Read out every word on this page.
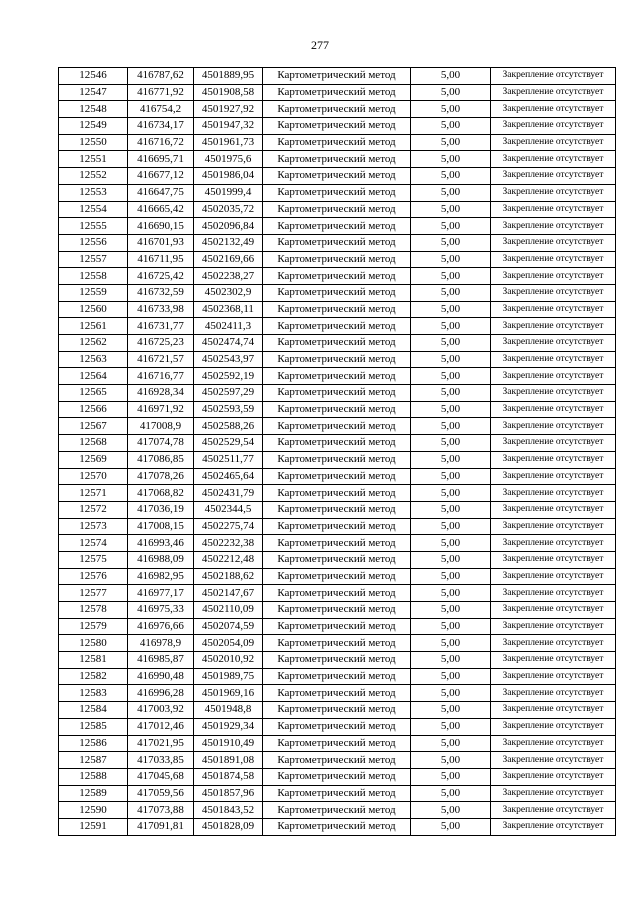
277
12546	416787,62	4501889,95	Картометрический метод	5,00	Закрепление отсутствует
12547	416771,92	4501908,58	Картометрический метод	5,00	Закрепление отсутствует
12548	416754,2	4501927,92	Картометрический метод	5,00	Закрепление отсутствует
12549	416734,17	4501947,32	Картометрический метод	5,00	Закрепление отсутствует
12550	416716,72	4501961,73	Картометрический метод	5,00	Закрепление отсутствует
12551	416695,71	4501975,6	Картометрический метод	5,00	Закрепление отсутствует
12552	416677,12	4501986,04	Картометрический метод	5,00	Закрепление отсутствует
12553	416647,75	4501999,4	Картометрический метод	5,00	Закрепление отсутствует
12554	416665,42	4502035,72	Картометрический метод	5,00	Закрепление отсутствует
12555	416690,15	4502096,84	Картометрический метод	5,00	Закрепление отсутствует
12556	416701,93	4502132,49	Картометрический метод	5,00	Закрепление отсутствует
12557	416711,95	4502169,66	Картометрический метод	5,00	Закрепление отсутствует
12558	416725,42	4502238,27	Картометрический метод	5,00	Закрепление отсутствует
12559	416732,59	4502302,9	Картометрический метод	5,00	Закрепление отсутствует
12560	416733,98	4502368,11	Картометрический метод	5,00	Закрепление отсутствует
12561	416731,77	4502411,3	Картометрический метод	5,00	Закрепление отсутствует
12562	416725,23	4502474,74	Картометрический метод	5,00	Закрепление отсутствует
12563	416721,57	4502543,97	Картометрический метод	5,00	Закрепление отсутствует
12564	416716,77	4502592,19	Картометрический метод	5,00	Закрепление отсутствует
12565	416928,34	4502597,29	Картометрический метод	5,00	Закрепление отсутствует
12566	416971,92	4502593,59	Картометрический метод	5,00	Закрепление отсутствует
12567	417008,9	4502588,26	Картометрический метод	5,00	Закрепление отсутствует
12568	417074,78	4502529,54	Картометрический метод	5,00	Закрепление отсутствует
12569	417086,85	4502511,77	Картометрический метод	5,00	Закрепление отсутствует
12570	417078,26	4502465,64	Картометрический метод	5,00	Закрепление отсутствует
12571	417068,82	4502431,79	Картометрический метод	5,00	Закрепление отсутствует
12572	417036,19	4502344,5	Картометрический метод	5,00	Закрепление отсутствует
12573	417008,15	4502275,74	Картометрический метод	5,00	Закрепление отсутствует
12574	416993,46	4502232,38	Картометрический метод	5,00	Закрепление отсутствует
12575	416988,09	4502212,48	Картометрический метод	5,00	Закрепление отсутствует
12576	416982,95	4502188,62	Картометрический метод	5,00	Закрепление отсутствует
12577	416977,17	4502147,67	Картометрический метод	5,00	Закрепление отсутствует
12578	416975,33	4502110,09	Картометрический метод	5,00	Закрепление отсутствует
12579	416976,66	4502074,59	Картометрический метод	5,00	Закрепление отсутствует
12580	416978,9	4502054,09	Картометрический метод	5,00	Закрепление отсутствует
12581	416985,87	4502010,92	Картометрический метод	5,00	Закрепление отсутствует
12582	416990,48	4501989,75	Картометрический метод	5,00	Закрепление отсутствует
12583	416996,28	4501969,16	Картометрический метод	5,00	Закрепление отсутствует
12584	417003,92	4501948,8	Картометрический метод	5,00	Закрепление отсутствует
12585	417012,46	4501929,34	Картометрический метод	5,00	Закрепление отсутствует
12586	417021,95	4501910,49	Картометрический метод	5,00	Закрепление отсутствует
12587	417033,85	4501891,08	Картометрический метод	5,00	Закрепление отсутствует
12588	417045,68	4501874,58	Картометрический метод	5,00	Закрепление отсутствует
12589	417059,56	4501857,96	Картометрический метод	5,00	Закрепление отсутствует
12590	417073,88	4501843,52	Картометрический метод	5,00	Закрепление отсутствует
12591	417091,81	4501828,09	Картометрический метод	5,00	Закрепление отсутствует
